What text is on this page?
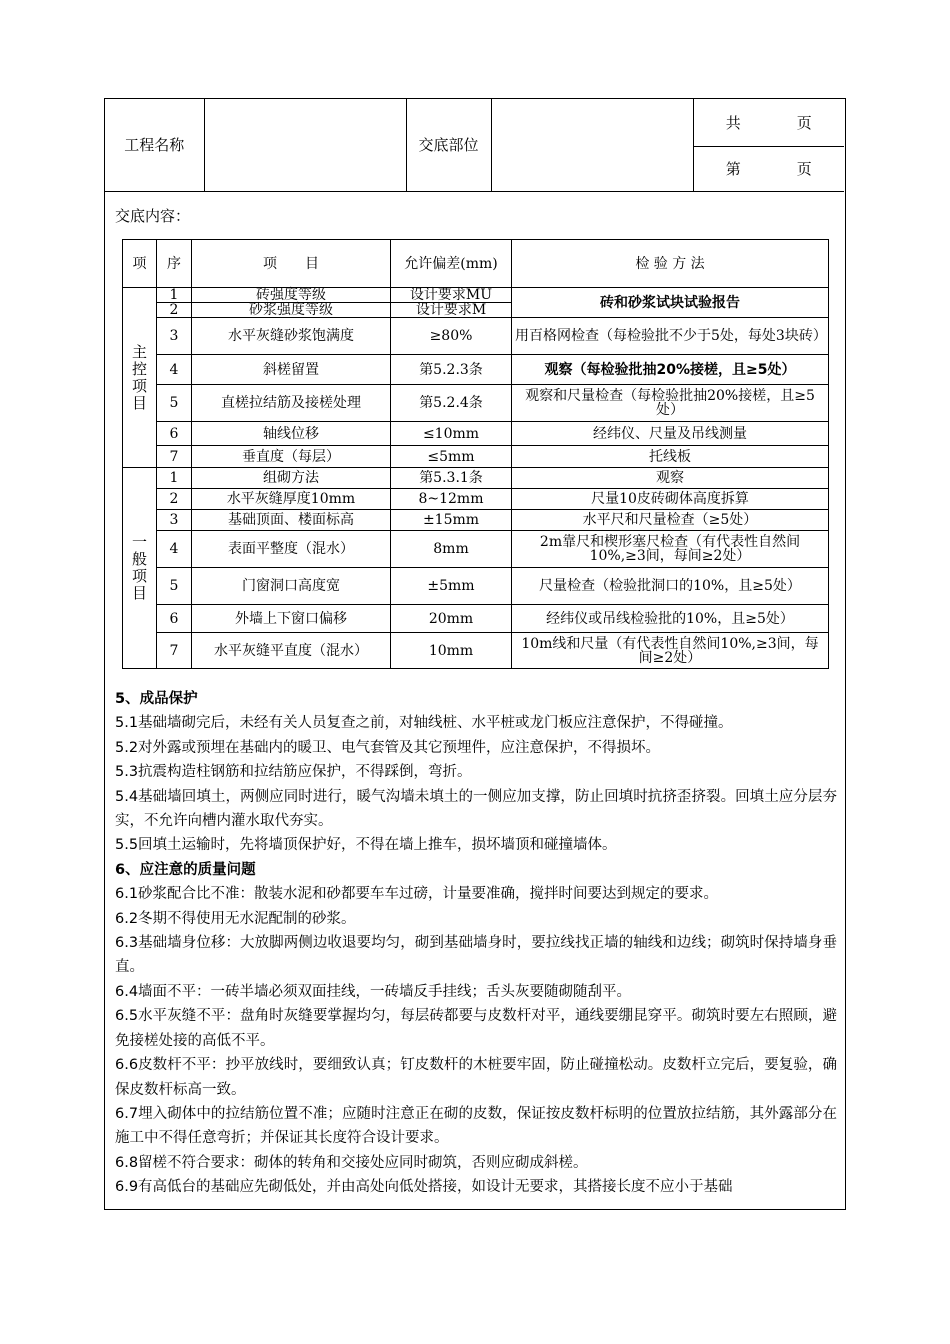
工程名称		交底部位		共	页
第	页
交底内容：
项	序	项　　目	允许偏差(mm)	检 验 方 法
主控项目	1	砖强度等级	设计要求MU	砖和砂浆试块试验报告
	2	砂浆强度等级	设计要求M	
	3	水平灰缝砂浆饱满度	≥80%	用百格网检查（每检验批不少于5处，每处3块砖）
	4	斜槎留置	第5.2.3条	观察（每检验批抽20%接槎，且≥5处）
	5	直槎拉结筋及接槎处理	第5.2.4条	观察和尺量检查（每检验批抽20%接槎，且≥5处）
	6	轴线位移	≤10mm	经纬仪、尺量及吊线测量
	7	垂直度（每层）	≤5mm	托线板
一般项目	1	组砌方法	第5.3.1条	观察
	2	水平灰缝厚度10mm	8~12mm	尺量10皮砖砌体高度拆算
	3	基础顶面、楼面标高	±15mm	水平尺和尺量检查（≥5处）
	4	表面平整度（混水）	8mm	2m靠尺和楔形塞尺检查（有代表性自然间10%,≥3间，每间≥2处）
	5	门窗洞口高度宽	±5mm	尺量检查（检验批洞口的10%，且≥5处）
	6	外墙上下窗口偏移	20mm	经纬仪或吊线检验批的10%，且≥5处）
	7	水平灰缝平直度（混水）	10mm	10m线和尺量（有代表性自然间10%,≥3间，每间≥2处）
5、成品保护

5.1基础墙砌完后，未经有关人员复查之前，对轴线桩、水平桩或龙门板应注意保护，不得碰撞。

5.2对外露或预埋在基础内的暖卫、电气套管及其它预埋件，应注意保护，不得损坏。

5.3抗震构造柱钢筋和拉结筋应保护，不得踩倒，弯折。

5.4基础墙回填土，两侧应同时进行，暖气沟墙未填土的一侧应加支撑，防止回填时抗挤歪挤裂。回填土应分层夯实，不允许向槽内灌水取代夯实。

5.5回填土运输时，先将墙顶保护好，不得在墙上推车，损坏墙顶和碰撞墙体。

6、应注意的质量问题

6.1砂浆配合比不准：散装水泥和砂都要车车过磅，计量要准确，搅拌时间要达到规定的要求。

6.2冬期不得使用无水泥配制的砂浆。

6.3基础墙身位移：大放脚两侧边收退要均匀，砌到基础墙身时，要拉线找正墙的轴线和边线；砌筑时保持墙身垂直。

6.4墙面不平：一砖半墙必须双面挂线，一砖墙反手挂线；舌头灰要随砌随刮平。

6.5水平灰缝不平：盘角时灰缝要掌握均匀，每层砖都要与皮数杆对平，通线要绷昆穿平。砌筑时要左右照顾，避免接槎处接的高低不平。

6.6皮数杆不平：抄平放线时，要细致认真；钉皮数杆的木桩要牢固，防止碰撞松动。皮数杆立完后，要复验，确保皮数杆标高一致。

6.7埋入砌体中的拉结筋位置不准；应随时注意正在砌的皮数，保证按皮数杆标明的位置放拉结筋，其外露部分在施工中不得任意弯折；并保证其长度符合设计要求。

6.8留槎不符合要求：砌体的转角和交接处应同时砌筑，否则应砌成斜槎。

6.9有高低台的基础应先砌低处，并由高处向低处搭接，如设计无要求，其搭接长度不应小于基础
